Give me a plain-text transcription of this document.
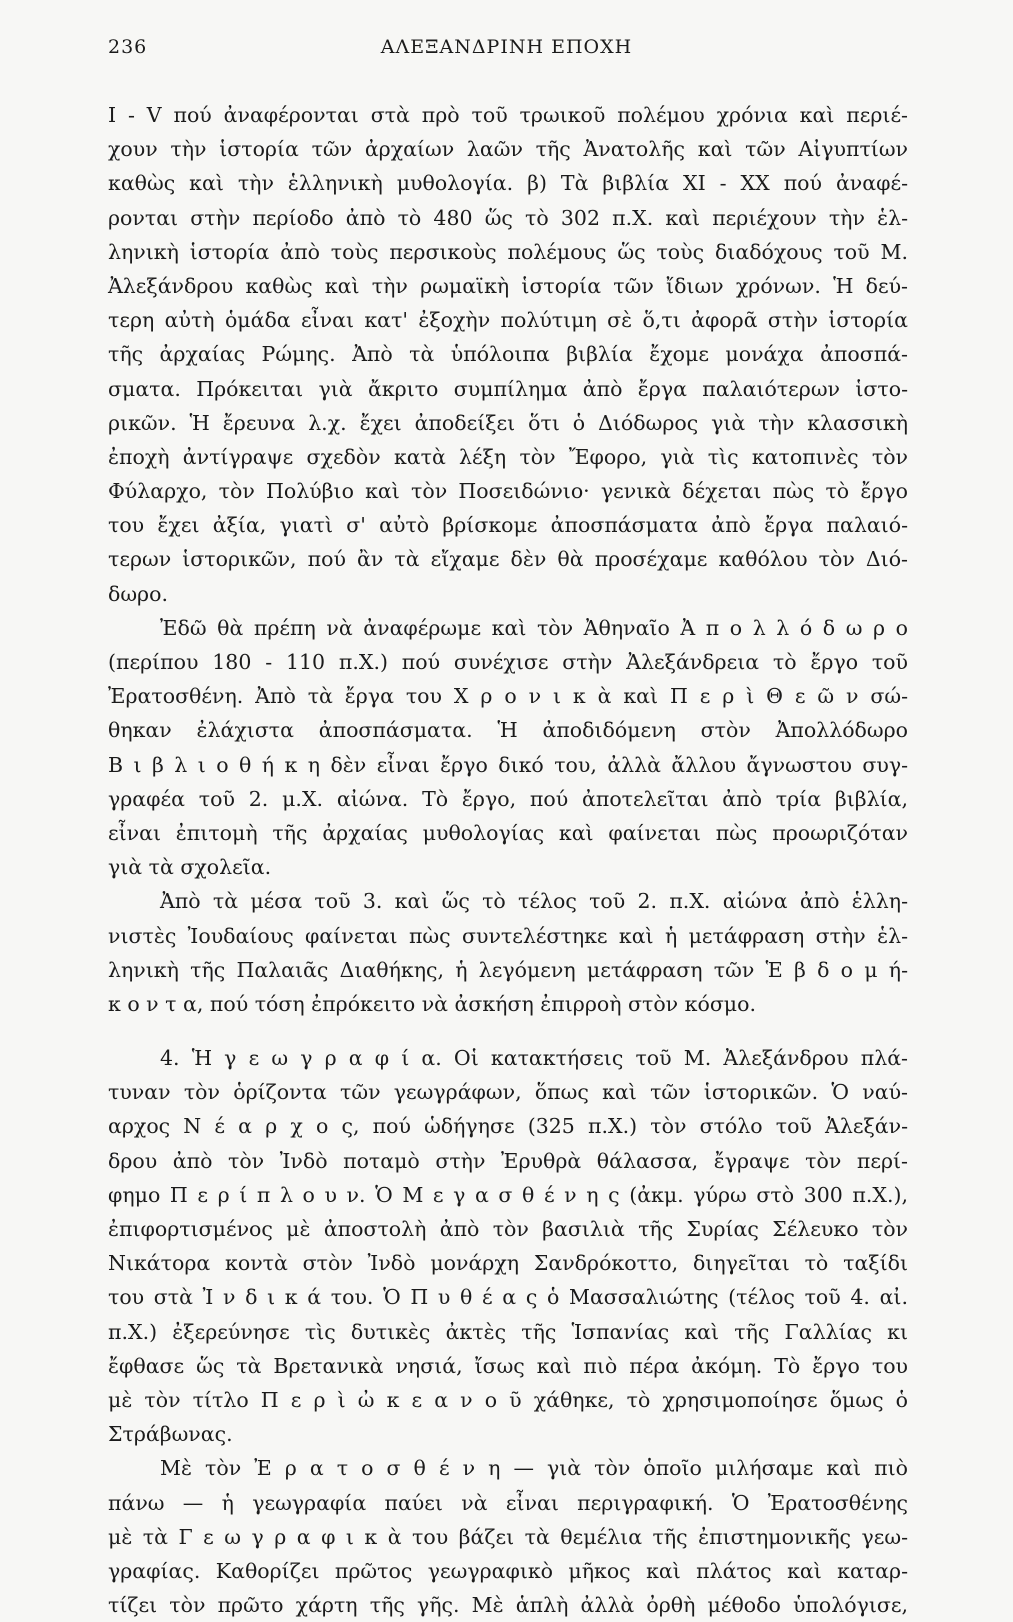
236	ΑΛΕΞΑΝΔΡΙΝΗ ΕΠΟΧΗ
I - V πού ἀναφέρονται στὰ πρὸ τοῦ τρωικοῦ πολέμου χρόνια καὶ περιέ-
χουν τὴν ἱστορία τῶν ἀρχαίων λαῶν τῆς Ἀνατολῆς καὶ τῶν Αἰγυπτίων
καθὼς καὶ τὴν ἑλληνικὴ μυθολογία. β) Τὰ βιβλία XI - XX πού ἀναφέ-
ρονται στὴν περίοδο ἀπὸ τὸ 480 ὥς τὸ 302 π.Χ. καὶ περιέχουν τὴν ἑλ-
ληνικὴ ἱστορία ἀπὸ τοὺς περσικοὺς πολέμους ὥς τοὺς διαδόχους τοῦ Μ.
Ἀλεξάνδρου καθὼς καὶ τὴν ρωμαϊκὴ ἱστορία τῶν ἴδιων χρόνων. Ἡ δεύ-
τερη αὐτὴ ὁμάδα εἶναι κατ' ἐξοχὴν πολύτιμη σὲ ὅ,τι ἀφορᾶ στὴν ἱστορία
τῆς ἀρχαίας Ρώμης. Ἀπὸ τὰ ὑπόλοιπα βιβλία ἔχομε μονάχα ἀποσπά-
σματα. Πρόκειται γιὰ ἄκριτο συμπίλημα ἀπὸ ἔργα παλαιότερων ἱστο-
ρικῶν. Ἡ ἔρευνα λ.χ. ἔχει ἀποδείξει ὅτι ὁ Διόδωρος γιὰ τὴν κλασσικὴ
ἐποχὴ ἀντίγραψε σχεδὸν κατὰ λέξη τὸν Ἔφορο, γιὰ τὶς κατοπινὲς τὸν
Φύλαρχο, τὸν Πολύβιο καὶ τὸν Ποσειδώνιο· γενικὰ δέχεται πὼς τὸ ἔργο
του ἔχει ἀξία, γιατὶ σ' αὐτὸ βρίσκομε ἀποσπάσματα ἀπὸ ἔργα παλαιό-
τερων ἱστορικῶν, πού ἂν τὰ εἴχαμε δὲν θὰ προσέχαμε καθόλου τὸν Διό-
δωρο.
Ἐδῶ θὰ πρέπη νὰ ἀναφέρωμε καὶ τὸν Ἀθηναῖο Ἀ π ο λ λ ό δ ω ρ ο
(περίπου 180 - 110 π.Χ.) πού συνέχισε στὴν Ἀλεξάνδρεια τὸ ἔργο τοῦ
Ἐρατοσθένη. Ἀπὸ τὰ ἔργα του Χ ρ ο ν ι κ ὰ καὶ Π ε ρ ὶ Θ ε ῶ ν σώ-
θηκαν ἐλάχιστα ἀποσπάσματα. Ἡ ἀποδιδόμενη στὸν Ἀπολλόδωρο
Β ι β λ ι ο θ ή κ η δὲν εἶναι ἔργο δικό του, ἀλλὰ ἄλλου ἄγνωστου συγ-
γραφέα τοῦ 2. μ.Χ. αἰώνα. Τὸ ἔργο, πού ἀποτελεῖται ἀπὸ τρία βιβλία,
εἶναι ἐπιτομὴ τῆς ἀρχαίας μυθολογίας καὶ φαίνεται πὼς προωριζόταν
γιὰ τὰ σχολεῖα.
Ἀπὸ τὰ μέσα τοῦ 3. καὶ ὥς τὸ τέλος τοῦ 2. π.Χ. αἰώνα ἀπὸ ἑλλη-
νιστὲς Ἰουδαίους φαίνεται πὼς συντελέστηκε καὶ ἡ μετάφραση στὴν ἑλ-
ληνικὴ τῆς Παλαιᾶς Διαθήκης, ἡ λεγόμενη μετάφραση τῶν Ἑ β δ ο μ ή-
κ ο ν τ α, πού τόση ἐπρόκειτο νὰ ἀσκήση ἐπιρροὴ στὸν κόσμο.
4. Ἡ γ ε ω γ ρ α φ ί α. Οἱ κατακτήσεις τοῦ Μ. Ἀλεξάνδρου πλά-
τυναν τὸν ὁρίζοντα τῶν γεωγράφων, ὅπως καὶ τῶν ἱστορικῶν. Ὁ ναύ-
αρχος Ν έ α ρ χ ο ς, πού ὡδήγησε (325 π.Χ.) τὸν στόλο τοῦ Ἀλεξάν-
δρου ἀπὸ τὸν Ἰνδὸ ποταμὸ στὴν Ἐρυθρὰ θάλασσα, ἔγραψε τὸν περί-
φημο Π ε ρ ί π λ ο υ ν. Ὁ Μ ε γ α σ θ έ ν η ς (ἀκμ. γύρω στὸ 300 π.Χ.),
ἐπιφορτισμένος μὲ ἀποστολὴ ἀπὸ τὸν βασιλιὰ τῆς Συρίας Σέλευκο τὸν
Νικάτορα κοντὰ στὸν Ἰνδὸ μονάρχη Σανδρόκοττο, διηγεῖται τὸ ταξίδι
του στὰ Ἰ ν δ ι κ ά του. Ὁ Π υ θ έ α ς ὁ Μασσαλιώτης (τέλος τοῦ 4. αἰ.
π.Χ.) ἐξερεύνησε τὶς δυτικὲς ἀκτὲς τῆς Ἱσπανίας καὶ τῆς Γαλλίας κι
ἔφθασε ὥς τὰ Βρετανικὰ νησιά, ἴσως καὶ πιὸ πέρα ἀκόμη. Τὸ ἔργο του
μὲ τὸν τίτλο Π ε ρ ὶ ὠ κ ε α ν ο ῦ χάθηκε, τὸ χρησιμοποίησε ὅμως ὁ
Στράβωνας.
Μὲ τὸν Ἐ ρ α τ ο σ θ έ ν η — γιὰ τὸν ὁποῖο μιλήσαμε καὶ πιὸ
πάνω — ἡ γεωγραφία παύει νὰ εἶναι περιγραφική. Ὁ Ἐρατοσθένης
μὲ τὰ Γ ε ω γ ρ α φ ι κ ὰ του βάζει τὰ θεμέλια τῆς ἐπιστημονικῆς γεω-
γραφίας. Καθορίζει πρῶτος γεωγραφικὸ μῆκος καὶ πλάτος καὶ καταρ-
τίζει τὸν πρῶτο χάρτη τῆς γῆς. Μὲ ἁπλὴ ἀλλὰ ὀρθὴ μέθοδο ὑπολόγισε,
